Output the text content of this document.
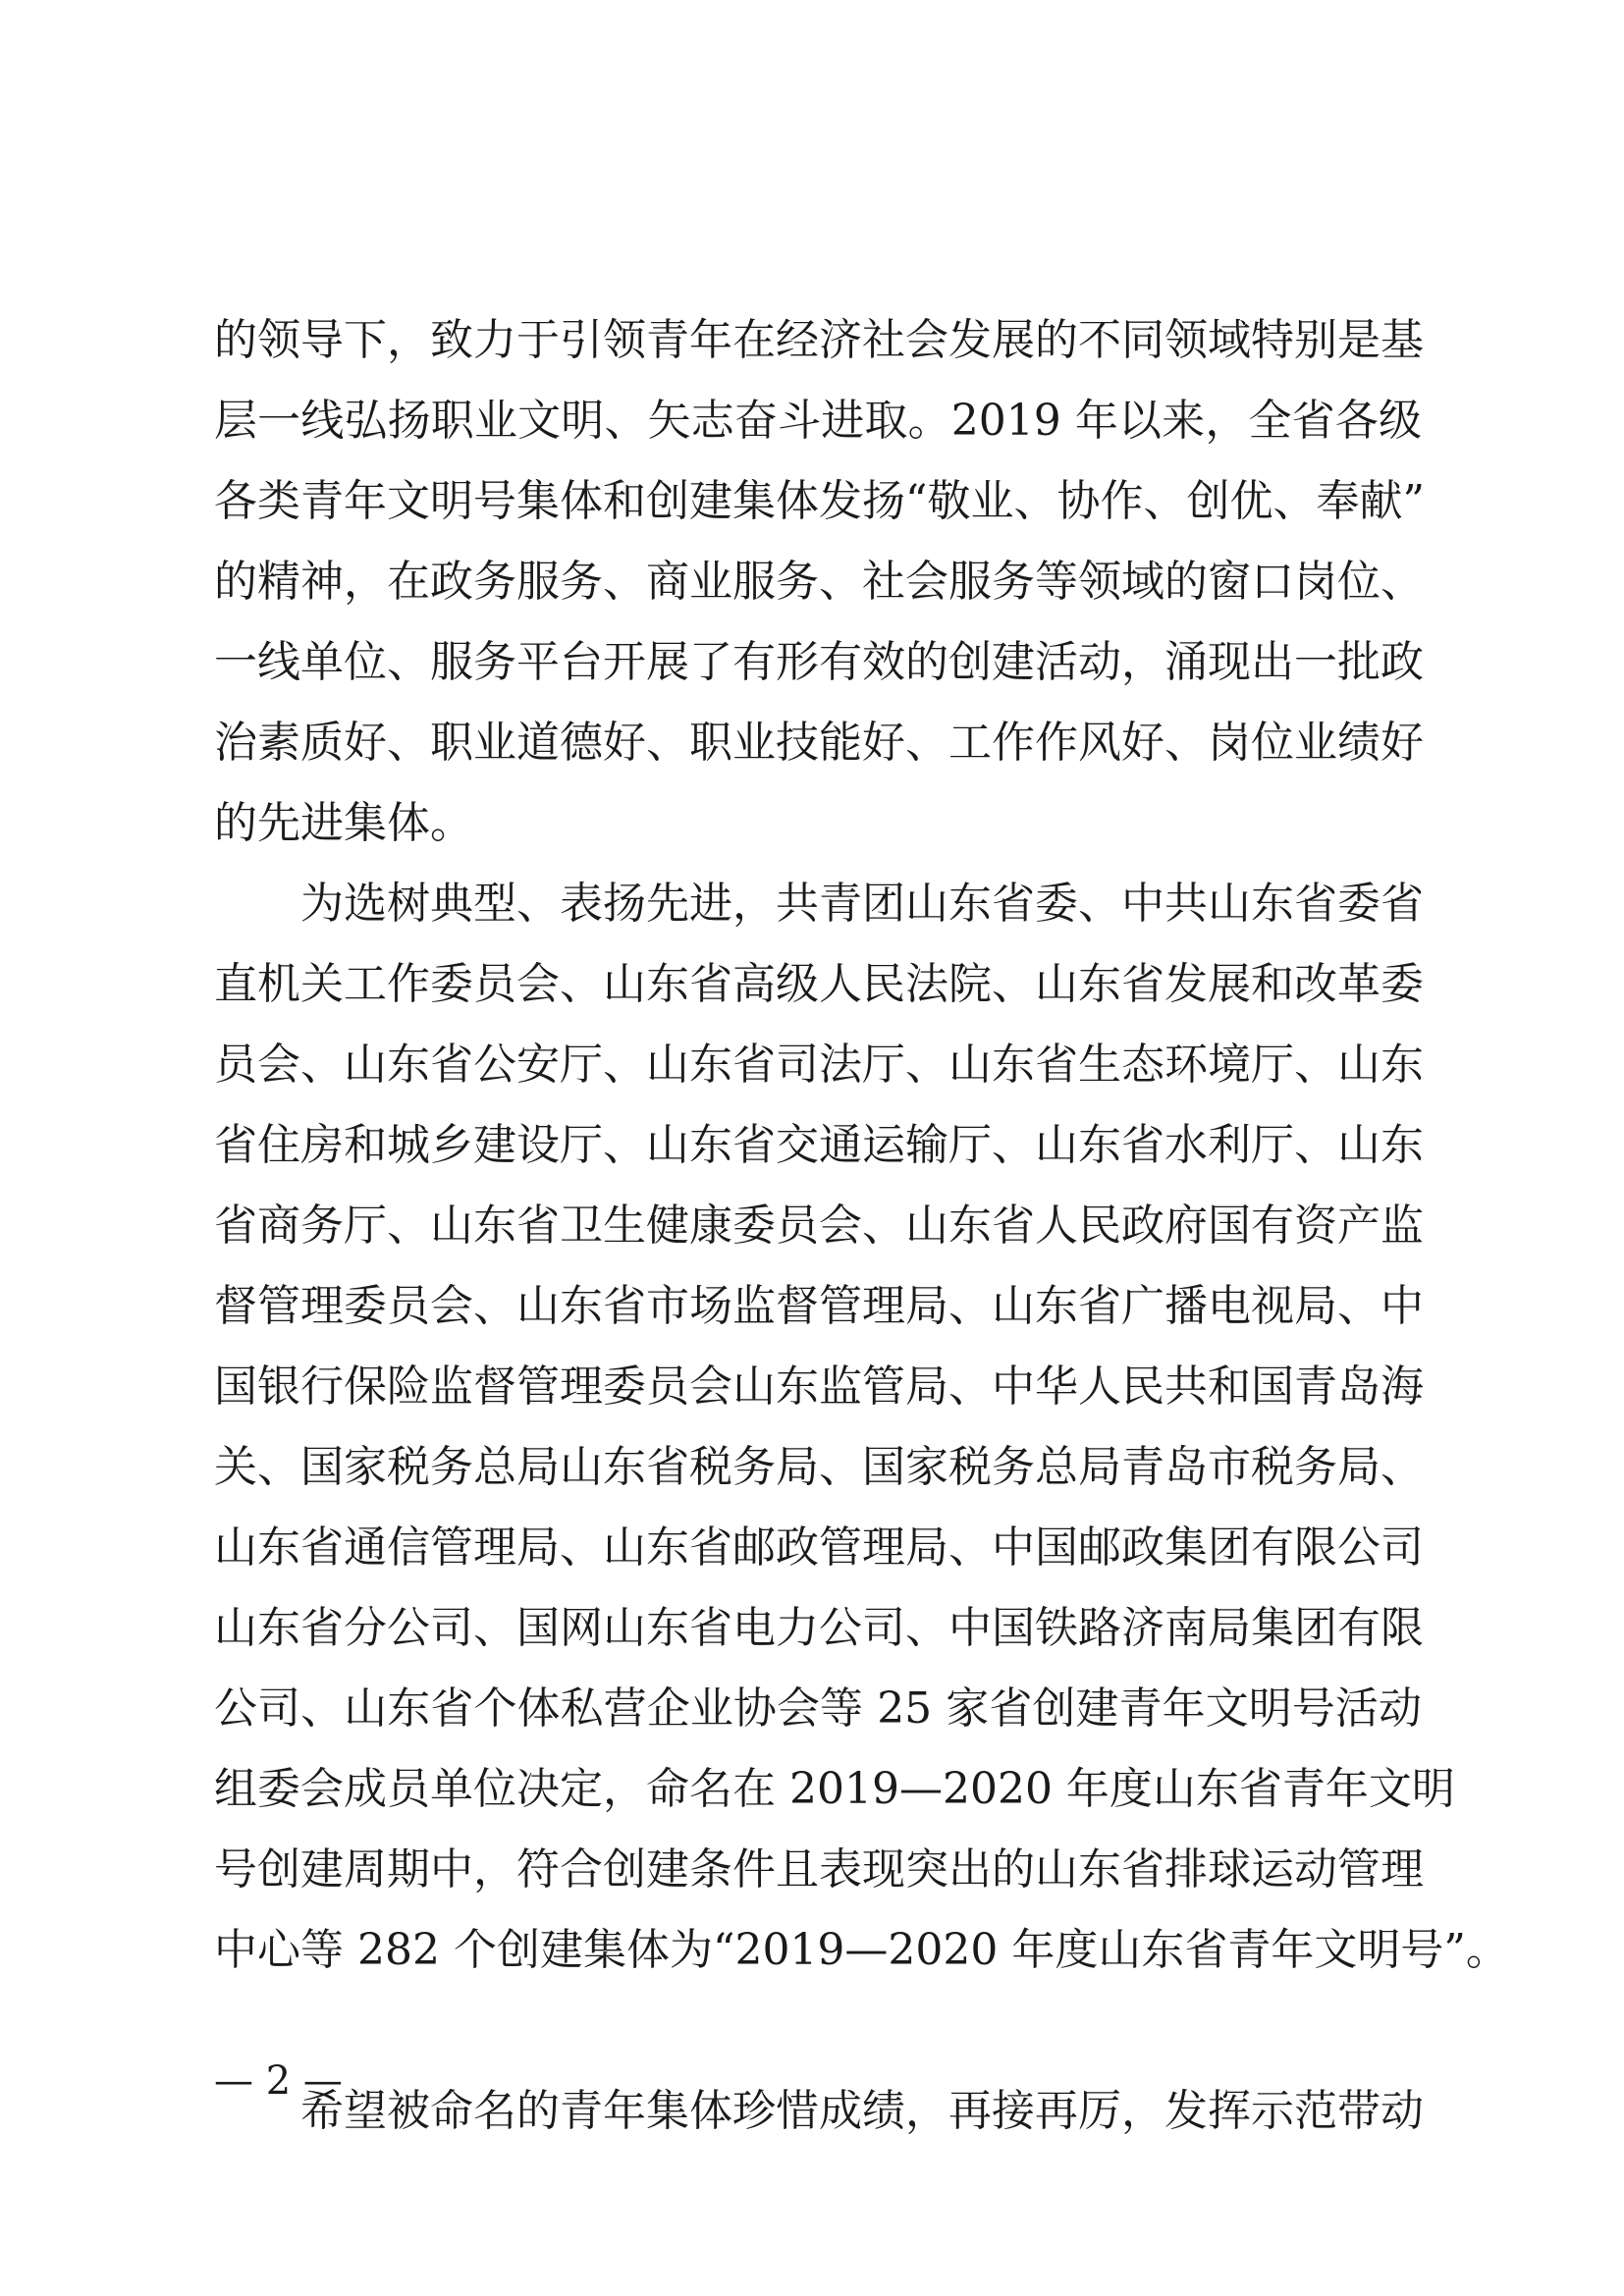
的领导下，致力于引领青年在经济社会发展的不同领域特别是基
层一线弘扬职业文明、矢志奋斗进取。2019 年以来，全省各级
各类青年文明号集体和创建集体发扬“敬业、协作、创优、奉献”
的精神，在政务服务、商业服务、社会服务等领域的窗口岗位、
一线单位、服务平台开展了有形有效的创建活动，涌现出一批政
治素质好、职业道德好、职业技能好、工作作风好、岗位业绩好
的先进集体。
为选树典型、表扬先进，共青团山东省委、中共山东省委省
直机关工作委员会、山东省高级人民法院、山东省发展和改革委
员会、山东省公安厅、山东省司法厅、山东省生态环境厅、山东
省住房和城乡建设厅、山东省交通运输厅、山东省水利厅、山东
省商务厅、山东省卫生健康委员会、山东省人民政府国有资产监
督管理委员会、山东省市场监督管理局、山东省广播电视局、中
国银行保险监督管理委员会山东监管局、中华人民共和国青岛海
关、国家税务总局山东省税务局、国家税务总局青岛市税务局、
山东省通信管理局、山东省邮政管理局、中国邮政集团有限公司
山东省分公司、国网山东省电力公司、中国铁路济南局集团有限
公司、山东省个体私营企业协会等 25 家省创建青年文明号活动
组委会成员单位决定，命名在 2019—2020 年度山东省青年文明
号创建周期中，符合创建条件且表现突出的山东省排球运动管理
中心等 282 个创建集体为“2019—2020 年度山东省青年文明号”。
希望被命名的青年集体珍惜成绩，再接再厉，发挥示范带动
— 2 —
